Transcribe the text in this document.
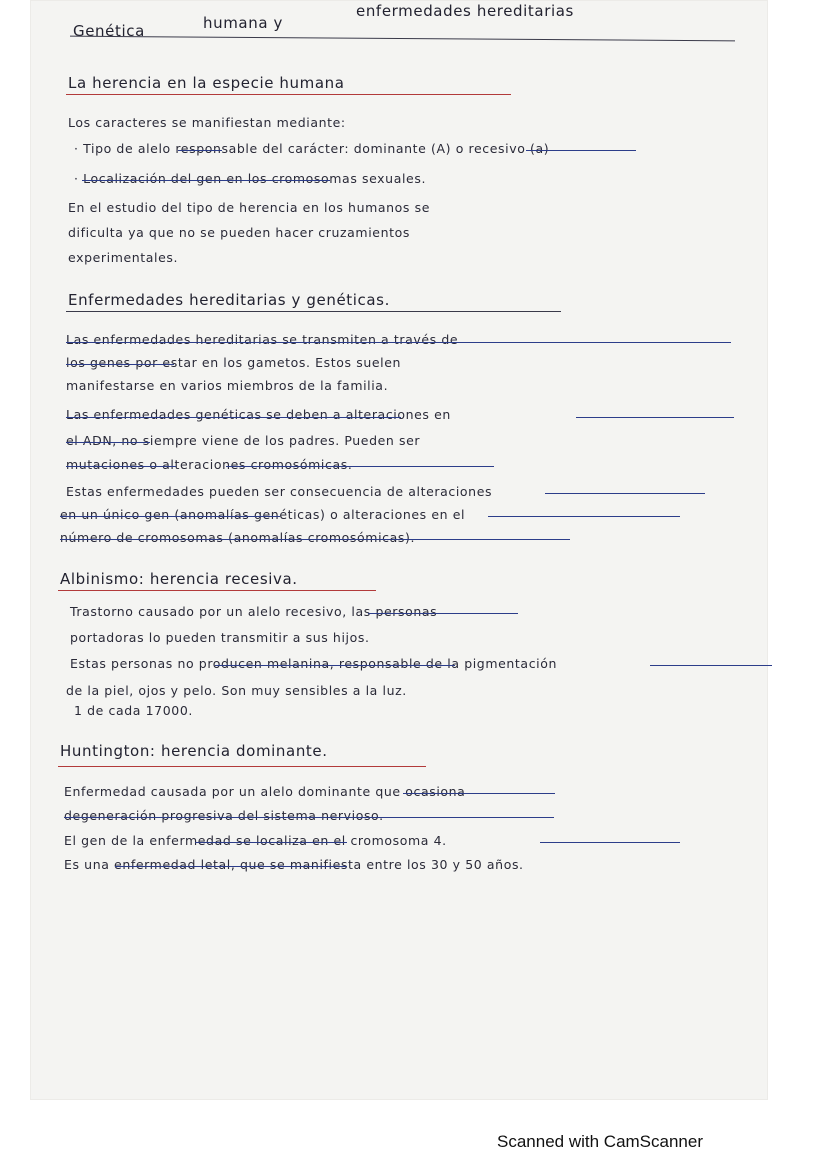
Genética	humana y
enfermedades hereditarias
La herencia en la especie humana
Los caracteres se manifiestan mediante:
· Tipo de alelo responsable del carácter: dominante (A) o recesivo (a)
· Localización del gen en los cromosomas sexuales.
En el estudio del tipo de herencia en los humanos se
dificulta ya que no se pueden hacer cruzamientos
experimentales.
Enfermedades hereditarias y genéticas.
Las enfermedades hereditarias se transmiten a través de
los genes por estar en los gametos. Estos suelen
manifestarse en varios miembros de la familia.
Las enfermedades genéticas se deben a alteraciones en
el ADN, no siempre viene de los padres. Pueden ser
mutaciones o alteraciones cromosómicas.
Estas enfermedades pueden ser consecuencia de alteraciones
en un único gen (anomalías genéticas) o alteraciones en el
número de cromosomas (anomalías cromosómicas).
Albinismo: herencia recesiva.
Trastorno causado por un alelo recesivo, las personas
portadoras lo pueden transmitir a sus hijos.
Estas personas no producen melanina, responsable de la pigmentación
de la piel, ojos y pelo. Son muy sensibles a la luz.
1 de cada 17000.
Huntington: herencia dominante.
Enfermedad causada por un alelo dominante que ocasiona
degeneración progresiva del sistema nervioso.
El gen de la enfermedad se localiza en el cromosoma 4.
Es una enfermedad letal, que se manifiesta entre los 30 y 50 años.
Scanned with CamScanner
